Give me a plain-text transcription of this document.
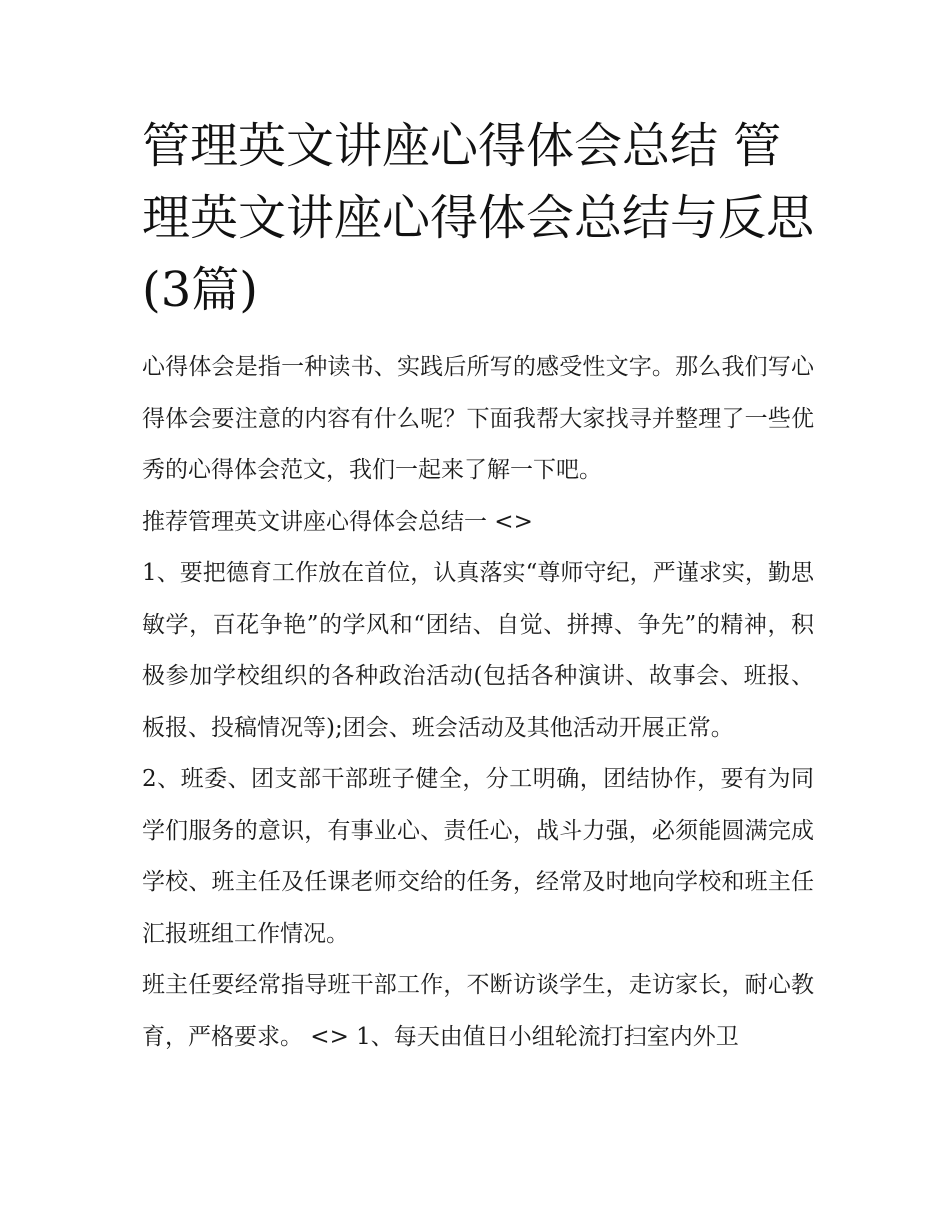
管理英文讲座心得体会总结 管理英文讲座心得体会总结与反思(3篇)

心得体会是指一种读书、实践后所写的感受性文字。那么我们写心得体会要注意的内容有什么呢？下面我帮大家找寻并整理了一些优秀的心得体会范文，我们一起来了解一下吧。

推荐管理英文讲座心得体会总结一 <>

1、要把德育工作放在首位，认真落实“尊师守纪，严谨求实，勤思敏学，百花争艳”的学风和“团结、自觉、拼搏、争先”的精神，积极参加学校组织的各种政治活动(包括各种演讲、故事会、班报、板报、投稿情况等);团会、班会活动及其他活动开展正常。

2、班委、团支部干部班子健全，分工明确，团结协作，要有为同学们服务的意识，有事业心、责任心，战斗力强，必须能圆满完成学校、班主任及任课老师交给的任务，经常及时地向学校和班主任汇报班组工作情况。

班主任要经常指导班干部工作，不断访谈学生，走访家长，耐心教育，严格要求。 <> 1、每天由值日小组轮流打扫室内外卫
